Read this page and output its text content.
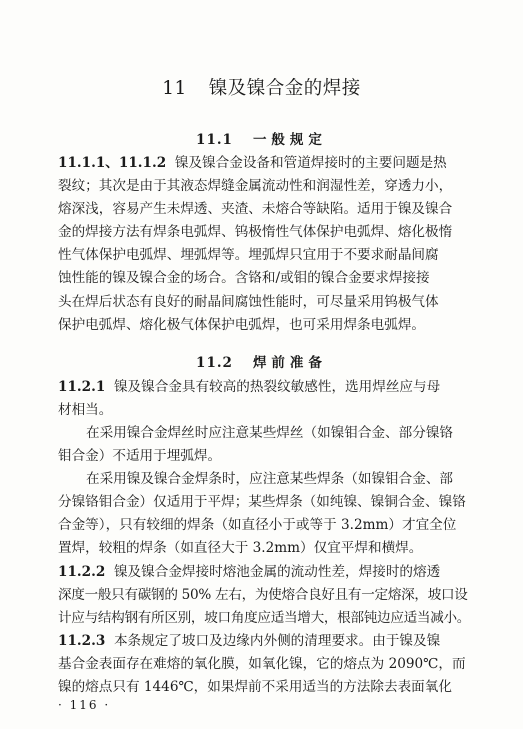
11 镍及镍合金的焊接
11.1 一般规定
11.1.1、11.1.2 镍及镍合金设备和管道焊接时的主要问题是热
裂纹；其次是由于其液态焊缝金属流动性和润湿性差，穿透力小，
熔深浅，容易产生未焊透、夹渣、未熔合等缺陷。适用于镍及镍合
金的焊接方法有焊条电弧焊、钨极惰性气体保护电弧焊、熔化极惰
性气体保护电弧焊、埋弧焊等。埋弧焊只宜用于不要求耐晶间腐
蚀性能的镍及镍合金的场合。含铬和/或钼的镍合金要求焊接接
头在焊后状态有良好的耐晶间腐蚀性能时，可尽量采用钨极气体
保护电弧焊、熔化极气体保护电弧焊，也可采用焊条电弧焊。
11.2 焊前准备
11.2.1 镍及镍合金具有较高的热裂纹敏感性，选用焊丝应与母
材相当。
在采用镍合金焊丝时应注意某些焊丝（如镍钼合金、部分镍铬
钼合金）不适用于埋弧焊。
在采用镍及镍合金焊条时，应注意某些焊条（如镍钼合金、部
分镍铬钼合金）仅适用于平焊；某些焊条（如纯镍、镍铜合金、镍铬
合金等），只有较细的焊条（如直径小于或等于 3.2mm）才宜全位
置焊，较粗的焊条（如直径大于 3.2mm）仅宜平焊和横焊。
11.2.2 镍及镍合金焊接时熔池金属的流动性差，焊接时的熔透
深度一般只有碳钢的 50% 左右，为使熔合良好且有一定熔深，坡口设
计应与结构钢有所区别，坡口角度应适当增大，根部钝边应适当减小。
11.2.3 本条规定了坡口及边缘内外侧的清理要求。由于镍及镍
基合金表面存在难熔的氧化膜，如氧化镍，它的熔点为 2090℃，而
镍的熔点只有 1446℃，如果焊前不采用适当的方法除去表面氧化
· 116 ·
